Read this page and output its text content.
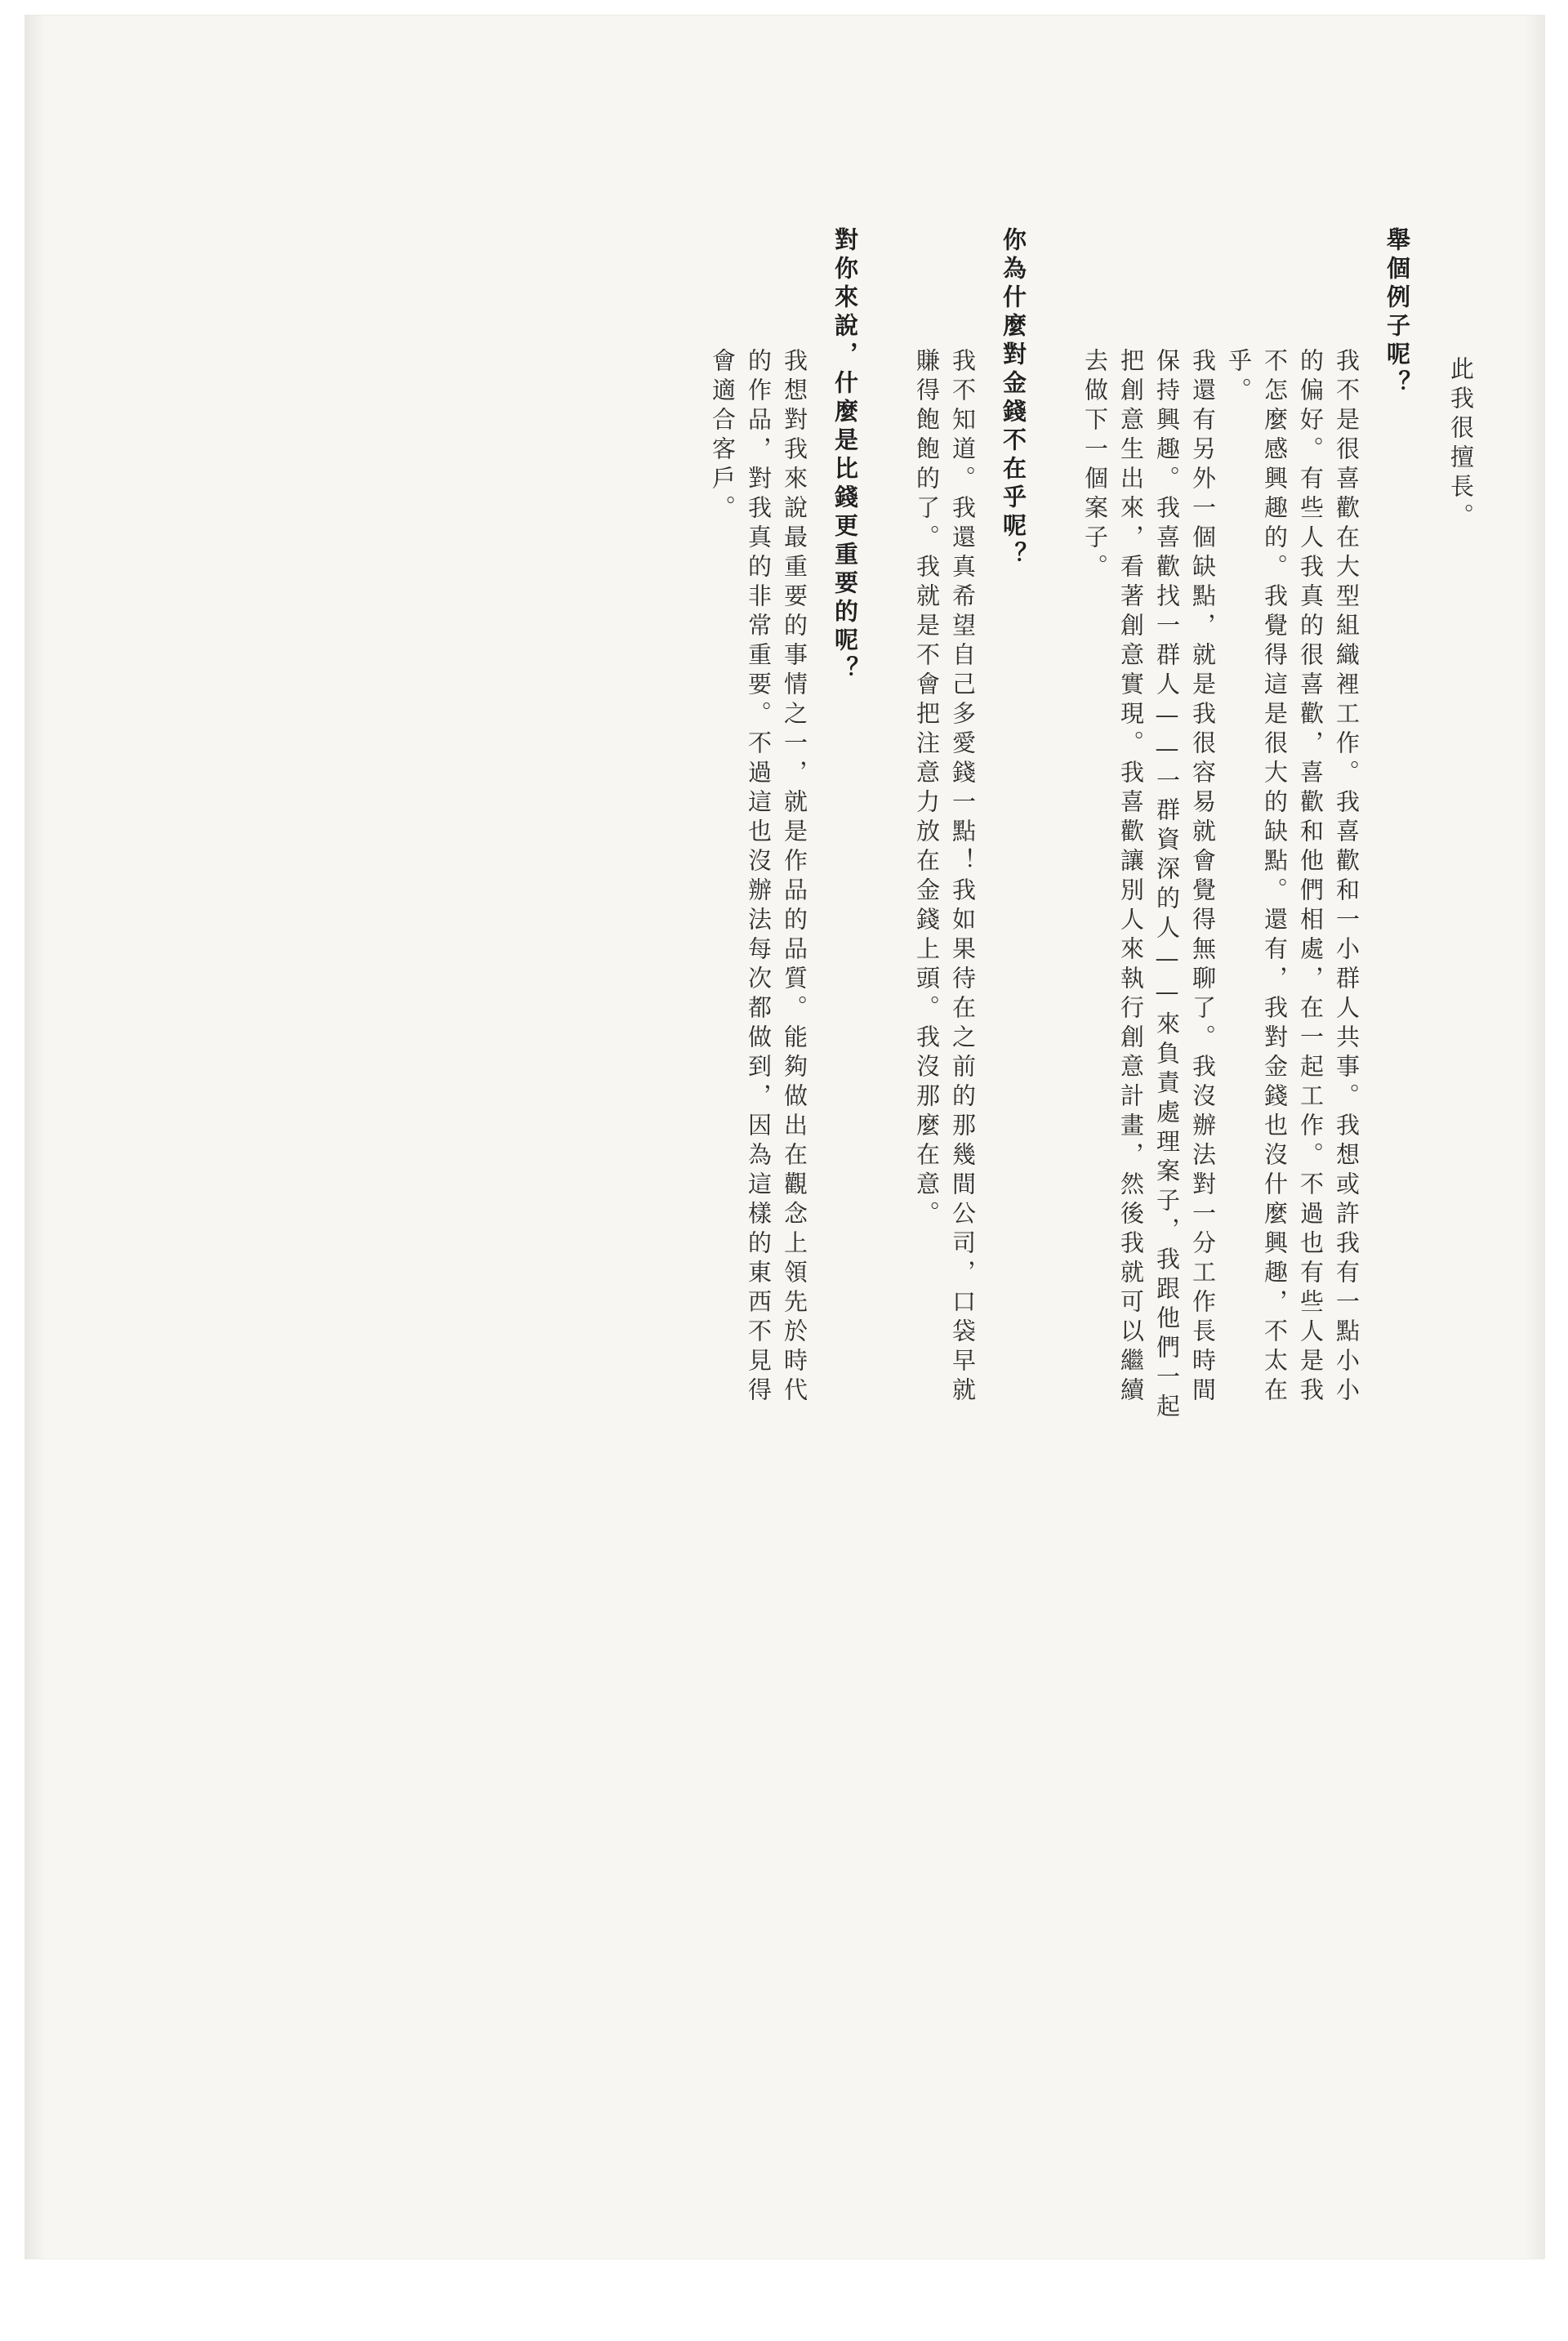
此我很擅長。
舉個例子呢？
我不是很喜歡在大型組織裡工作。我喜歡和一小群人共事。我想或許我有一點小小
的偏好。有些人我真的很喜歡，喜歡和他們相處，在一起工作。不過也有些人是我
不怎麼感興趣的。我覺得這是很大的缺點。還有，我對金錢也沒什麼興趣，不太在
乎。
我還有另外一個缺點，就是我很容易就會覺得無聊了。我沒辦法對一分工作長時間
保持興趣。我喜歡找一群人——一群資深的人——來負責處理案子，我跟他們一起
把創意生出來，看著創意實現。我喜歡讓別人來執行創意計畫，然後我就可以繼續
去做下一個案子。
你為什麼對金錢不在乎呢？
我不知道。我還真希望自己多愛錢一點！我如果待在之前的那幾間公司，口袋早就
賺得飽飽的了。我就是不會把注意力放在金錢上頭。我沒那麼在意。
對你來說，什麼是比錢更重要的呢？
我想對我來說最重要的事情之一，就是作品的品質。能夠做出在觀念上領先於時代
的作品，對我真的非常重要。不過這也沒辦法每次都做到，因為這樣的東西不見得
會適合客戶。
